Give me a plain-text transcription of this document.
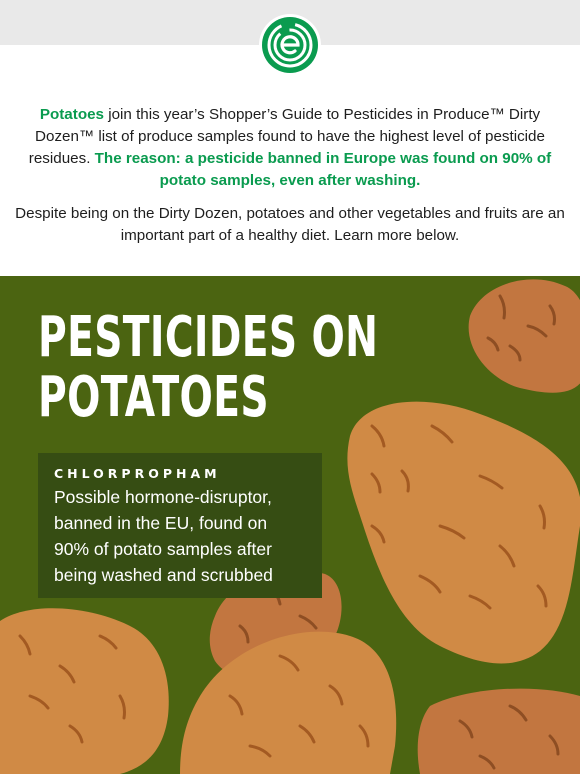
Potatoes join this year’s Shopper’s Guide to Pesticides in Produce™ Dirty Dozen™ list of produce samples found to have the highest level of pesticide residues. The reason: a pesticide banned in Europe was found on 90% of potato samples, even after washing.

Despite being on the Dirty Dozen, potatoes and other vegetables and fruits are an important part of a healthy diet. Learn more below.

PESTICIDES ON
POTATOES

CHLORPROPHAM

Possible hormone-disruptor, banned in the EU, found on 90% of potato samples after being washed and scrubbed
